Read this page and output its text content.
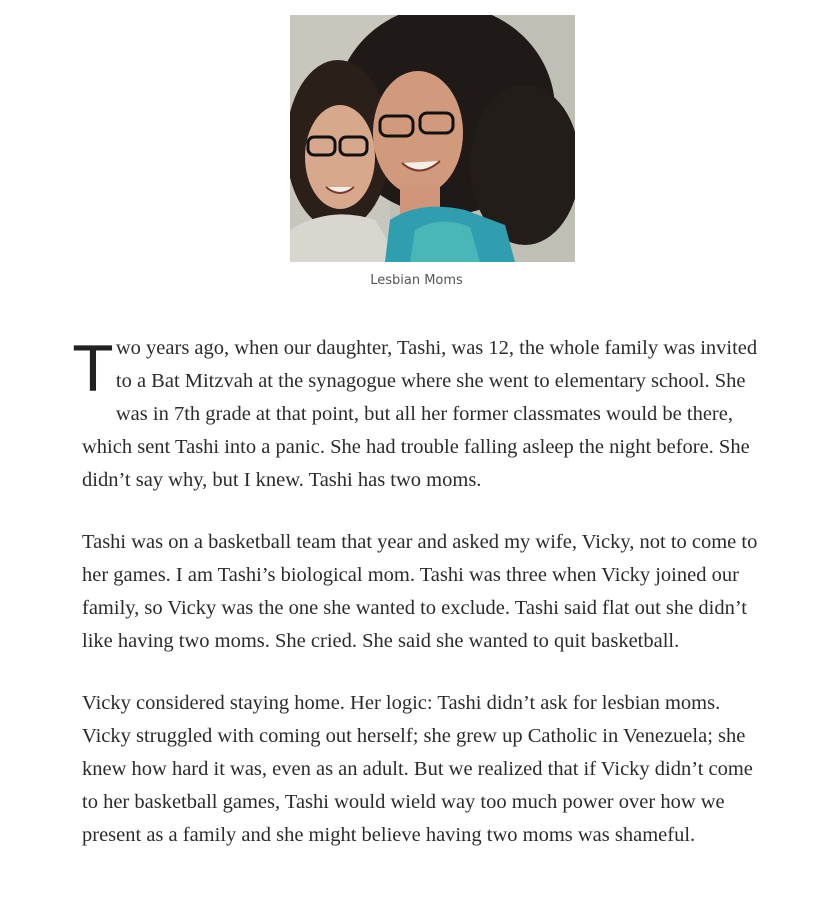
Lesbian Moms

Two years ago, when our daughter, Tashi, was 12, the whole family was invited to a Bat Mitzvah at the synagogue where she went to elementary school. She was in 7th grade at that point, but all her former classmates would be there, which sent Tashi into a panic. She had trouble falling asleep the night before. She didn’t say why, but I knew. Tashi has two moms.

Tashi was on a basketball team that year and asked my wife, Vicky, not to come to her games. I am Tashi’s biological mom. Tashi was three when Vicky joined our family, so Vicky was the one she wanted to exclude. Tashi said flat out she didn’t like having two moms. She cried. She said she wanted to quit basketball.

Vicky considered staying home. Her logic: Tashi didn’t ask for lesbian moms. Vicky struggled with coming out herself; she grew up Catholic in Venezuela; she knew how hard it was, even as an adult. But we realized that if Vicky didn’t come to her basketball games, Tashi would wield way too much power over how we present as a family and she might believe having two moms was shameful.
